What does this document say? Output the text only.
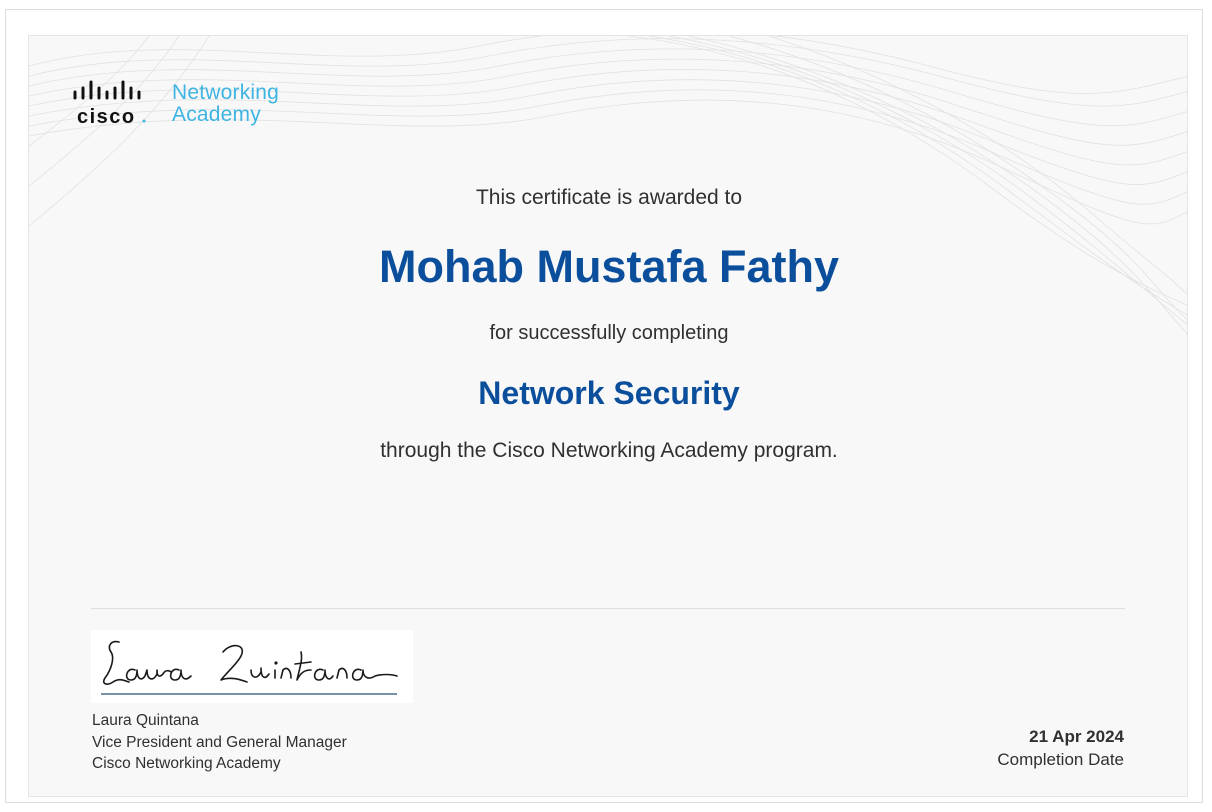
cisco
Networking
Academy
This certificate is awarded to
Mohab Mustafa Fathy
for successfully completing
Network Security
through the Cisco Networking Academy program.
Laura Quintana
Vice President and General Manager
Cisco Networking Academy
21 Apr 2024
Completion Date
